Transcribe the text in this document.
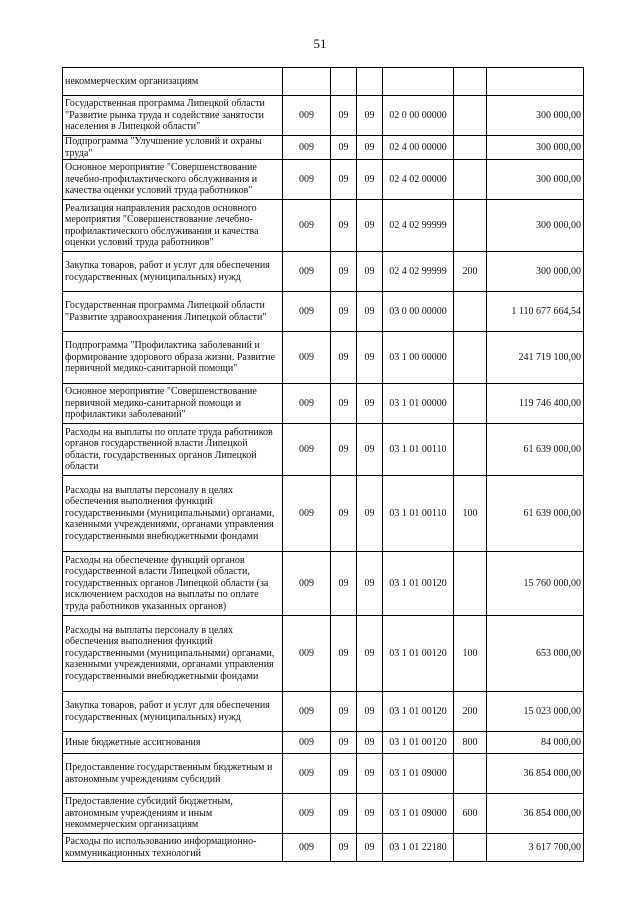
51
некоммерческим организациям						
Государственная программа Липецкой области "Развитие рынка труда и содействие занятости населения в Липецкой области"	009	09	09	02 0 00 00000		300 000,00
Подпрограмма "Улучшение условий и охраны труда"	009	09	09	02 4 00 00000		300 000,00
Основное мероприятие "Совершенствование лечебно-профилактического обслуживания и качества оценки условий труда работников"	009	09	09	02 4 02 00000		300 000,00
Реализация направления расходов основного мероприятия "Совершенствование лечебно-профилактического обслуживания и качества оценки условий труда работников"	009	09	09	02 4 02 99999		300 000,00
Закупка товаров, работ и услуг для обеспечения государственных (муниципальных) нужд	009	09	09	02 4 02 99999	200	300 000,00
Государственная программа Липецкой области "Развитие здравоохранения Липецкой области"	009	09	09	03 0 00 00000		1 110 677 664,54
Подпрограмма "Профилактика заболеваний и формирование здорового образа жизни. Развитие первичной медико-санитарной помощи"	009	09	09	03 1 00 00000		241 719 100,00
Основное мероприятие "Совершенствование первичной медико-санитарной помощи и профилактики заболеваний"	009	09	09	03 1 01 00000		119 746 400,00
Расходы на выплаты по оплате труда работников органов государственной власти Липецкой области, государственных органов Липецкой области	009	09	09	03 1 01 00110		61 639 000,00
Расходы на выплаты персоналу в целях обеспечения выполнения функций государственными (муниципальными) органами, казенными учреждениями, органами управления государственными внебюджетными фондами	009	09	09	03 1 01 00110	100	61 639 000,00
Расходы на обеспечение функций органов государственной власти Липецкой области, государственных органов Липецкой области (за исключением расходов на выплаты по оплате труда работников указанных органов)	009	09	09	03 1 01 00120		15 760 000,00
Расходы на выплаты персоналу в целях обеспечения выполнения функций государственными (муниципальными) органами, казенными учреждениями, органами управления государственными внебюджетными фондами	009	09	09	03 1 01 00120	100	653 000,00
Закупка товаров, работ и услуг для обеспечения государственных (муниципальных) нужд	009	09	09	03 1 01 00120	200	15 023 000,00
Иные бюджетные ассигнования	009	09	09	03 1 01 00120	800	84 000,00
Предоставление государственным бюджетным и автономным учреждениям субсидий	009	09	09	03 1 01 09000		36 854 000,00
Предоставление субсидий бюджетным, автономным учреждениям и иным некоммерческим организациям	009	09	09	03 1 01 09000	600	36 854 000,00
Расходы по использованию информационно-коммуникационных технологий	009	09	09	03 1 01 22180		3 617 700,00
